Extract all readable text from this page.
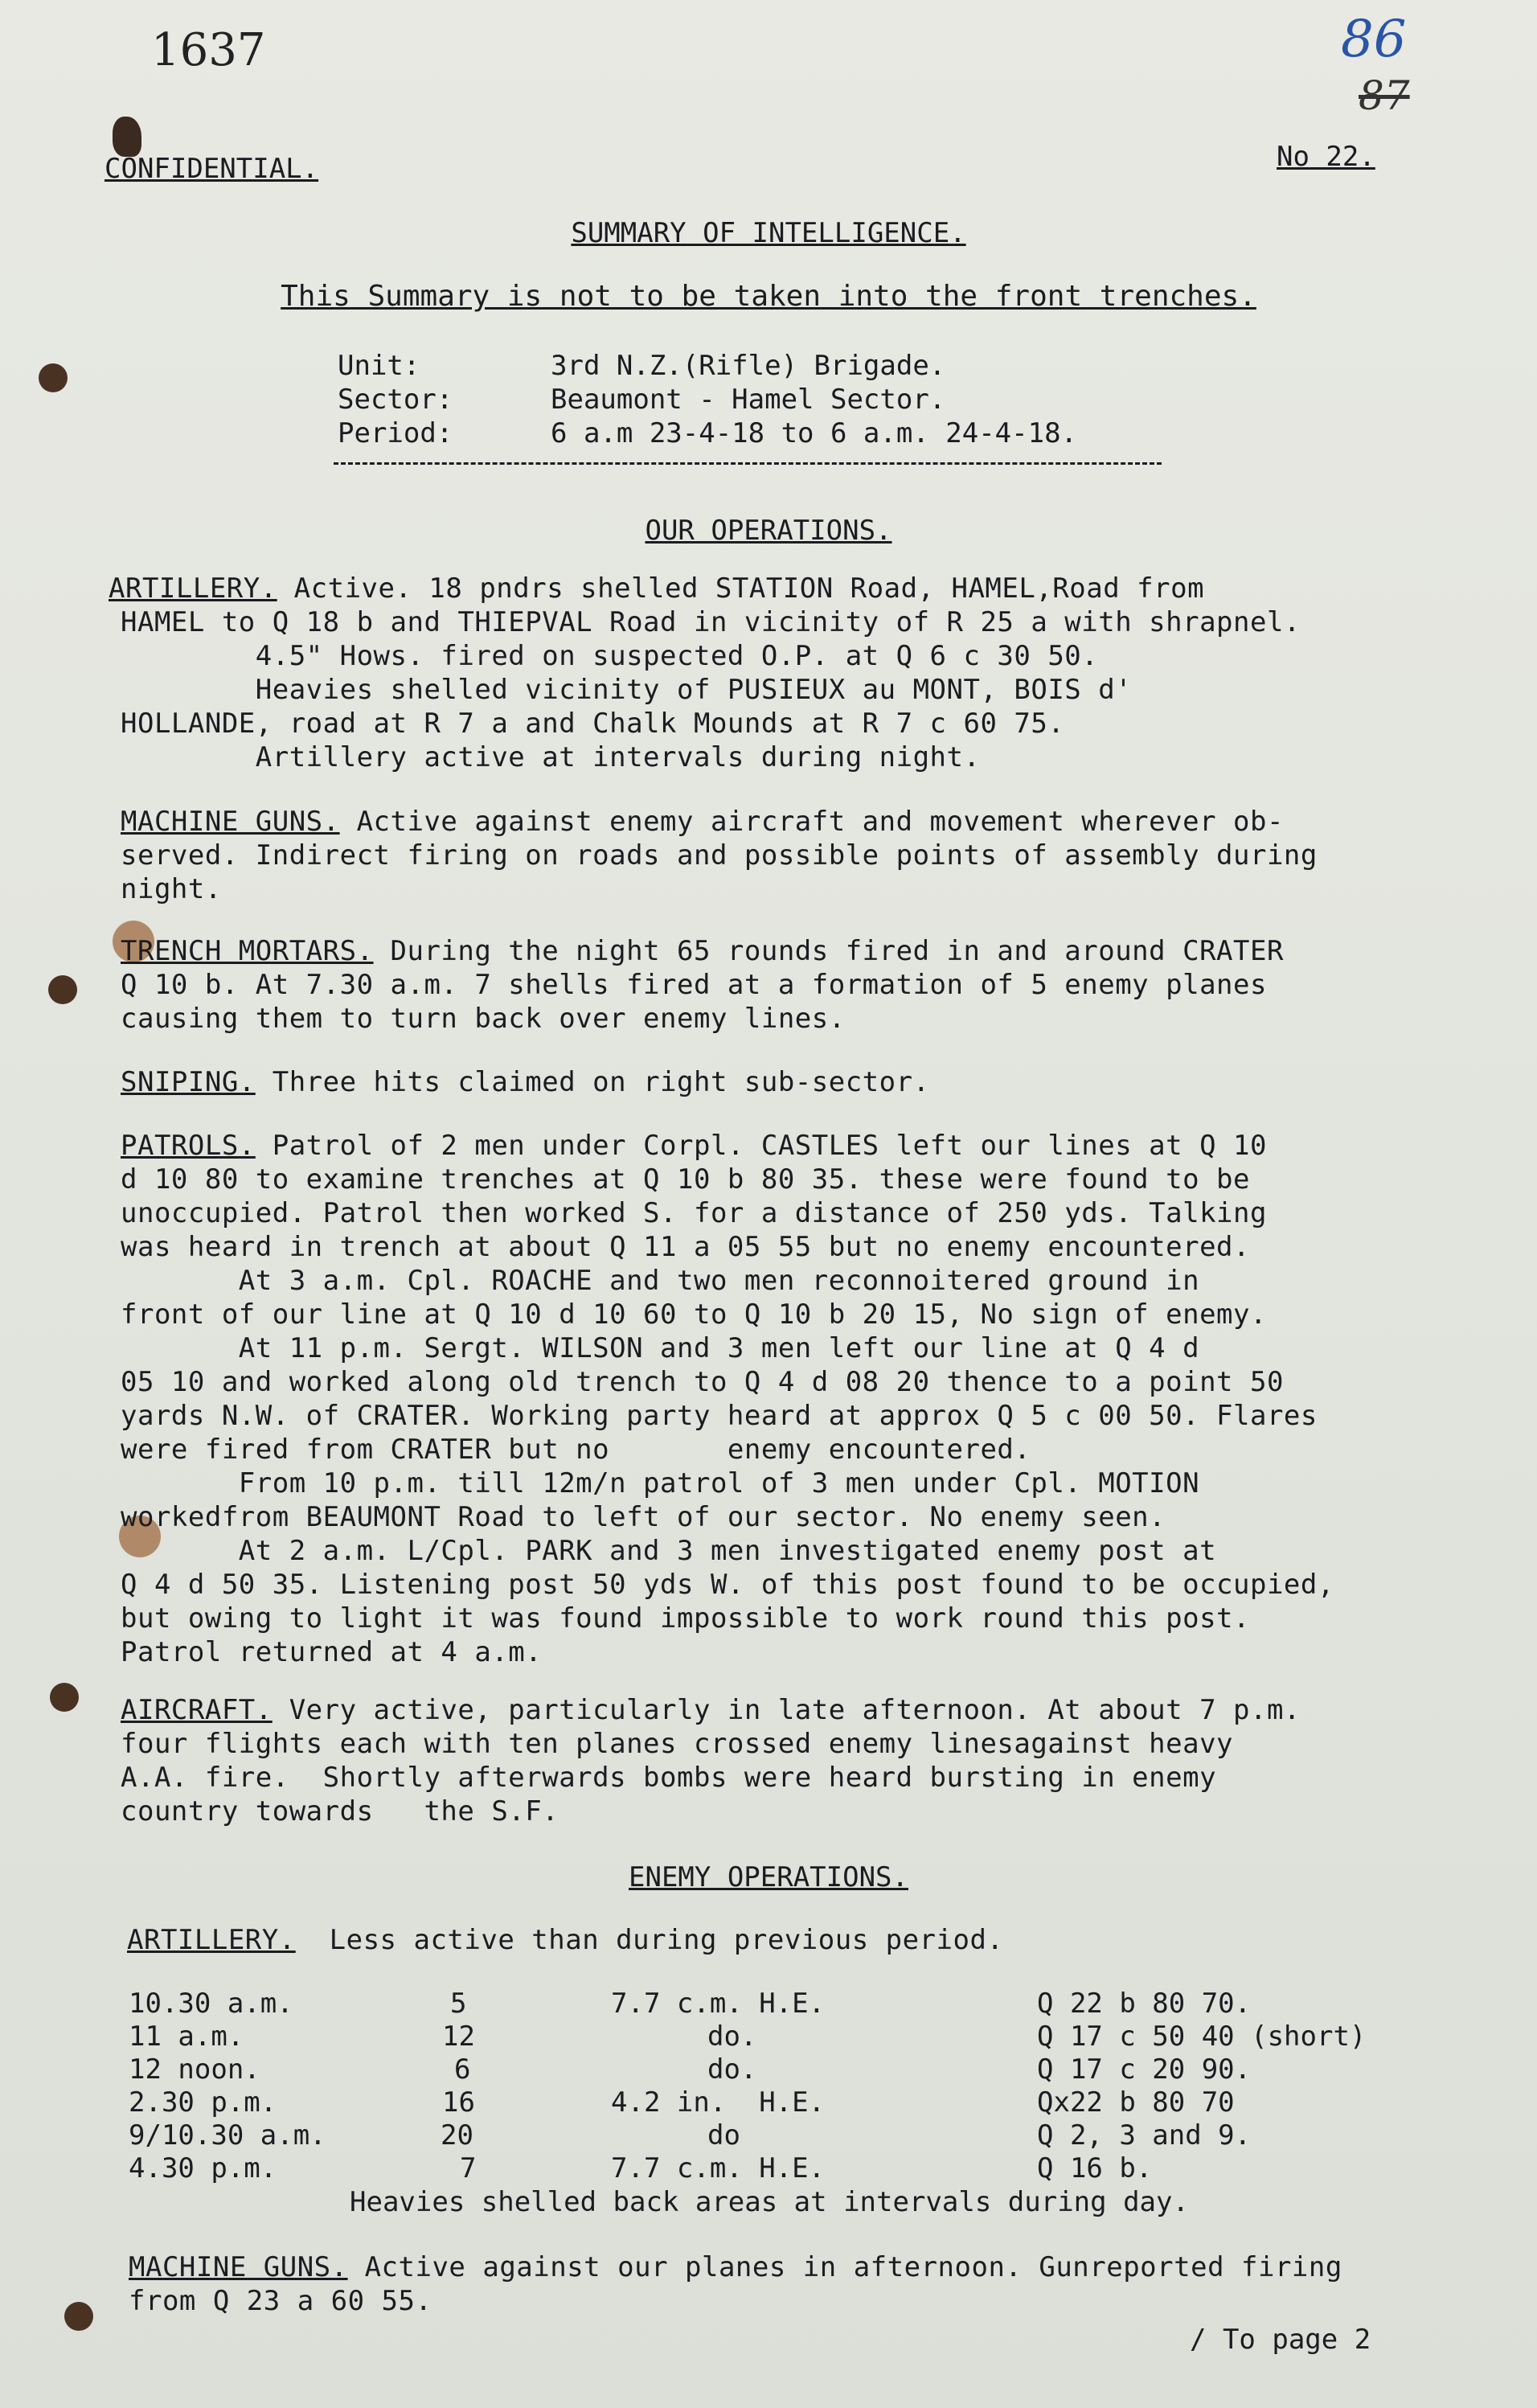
1637	86
87
CONFIDENTIAL.	No 22.
SUMMARY OF INTELLIGENCE.
This Summary is not to be taken into the front trenches.
Unit:	3rd N.Z.(Rifle) Brigade.
Sector:	Beaumont - Hamel Sector.
Period:	6 a.m 23-4-18 to 6 a.m. 24-4-18.
OUR OPERATIONS.
ARTILLERY. Active. 18 pndrs shelled STATION Road, HAMEL,Road from
HAMEL to Q 18 b and THIEPVAL Road in vicinity of R 25 a with shrapnel.
4.5" Hows. fired on suspected O.P. at Q 6 c 30 50.
Heavies shelled vicinity of PUSIEUX au MONT, BOIS d'
HOLLANDE, road at R 7 a and Chalk Mounds at R 7 c 60 75.
Artillery active at intervals during night.
MACHINE GUNS. Active against enemy aircraft and movement wherever ob-
served. Indirect firing on roads and possible points of assembly during
night.
TRENCH MORTARS. During the night 65 rounds fired in and around CRATER
Q 10 b. At 7.30 a.m. 7 shells fired at a formation of 5 enemy planes
causing them to turn back over enemy lines.
SNIPING. Three hits claimed on right sub-sector.
PATROLS. Patrol of 2 men under Corpl. CASTLES left our lines at Q 10
d 10 80 to examine trenches at Q 10 b 80 35. these were found to be
unoccupied. Patrol then worked S. for a distance of 250 yds. Talking
was heard in trench at about Q 11 a 05 55 but no enemy encountered.
At 3 a.m. Cpl. ROACHE and two men reconnoitered ground in
front of our line at Q 10 d 10 60 to Q 10 b 20 15, No sign of enemy.
At 11 p.m. Sergt. WILSON and 3 men left our line at Q 4 d
05 10 and worked along old trench to Q 4 d 08 20 thence to a point 50
yards N.W. of CRATER. Working party heard at approx Q 5 c 00 50. Flares
were fired from CRATER but no       enemy encountered.
From 10 p.m. till 12m/n patrol of 3 men under Cpl. MOTION
workedfrom BEAUMONT Road to left of our sector. No enemy seen.
At 2 a.m. L/Cpl. PARK and 3 men investigated enemy post at
Q 4 d 50 35. Listening post 50 yds W. of this post found to be occupied,
but owing to light it was found impossible to work round this post.
Patrol returned at 4 a.m.
AIRCRAFT. Very active, particularly in late afternoon. At about 7 p.m.
four flights each with ten planes crossed enemy linesagainst heavy
A.A. fire.  Shortly afterwards bombs were heard bursting in enemy
country towards   the S.F.
ENEMY OPERATIONS.
ARTILLERY.  Less active than during previous period.
10.30 a.m.	5	7.7 c.m. H.E.	Q 22 b 80 70.
11 a.m.	12	do.	Q 17 c 50 40 (short)
12 noon.	6	do.	Q 17 c 20 90.
2.30 p.m.	16	4.2 in.  H.E.	Qx22 b 80 70
9/10.30 a.m.	20	do	Q 2, 3 and 9.
4.30 p.m.	7	7.7 c.m. H.E.	Q 16 b.
Heavies shelled back areas at intervals during day.
MACHINE GUNS. Active against our planes in afternoon. Gunreported firing
from Q 23 a 60 55.
/ To page 2
